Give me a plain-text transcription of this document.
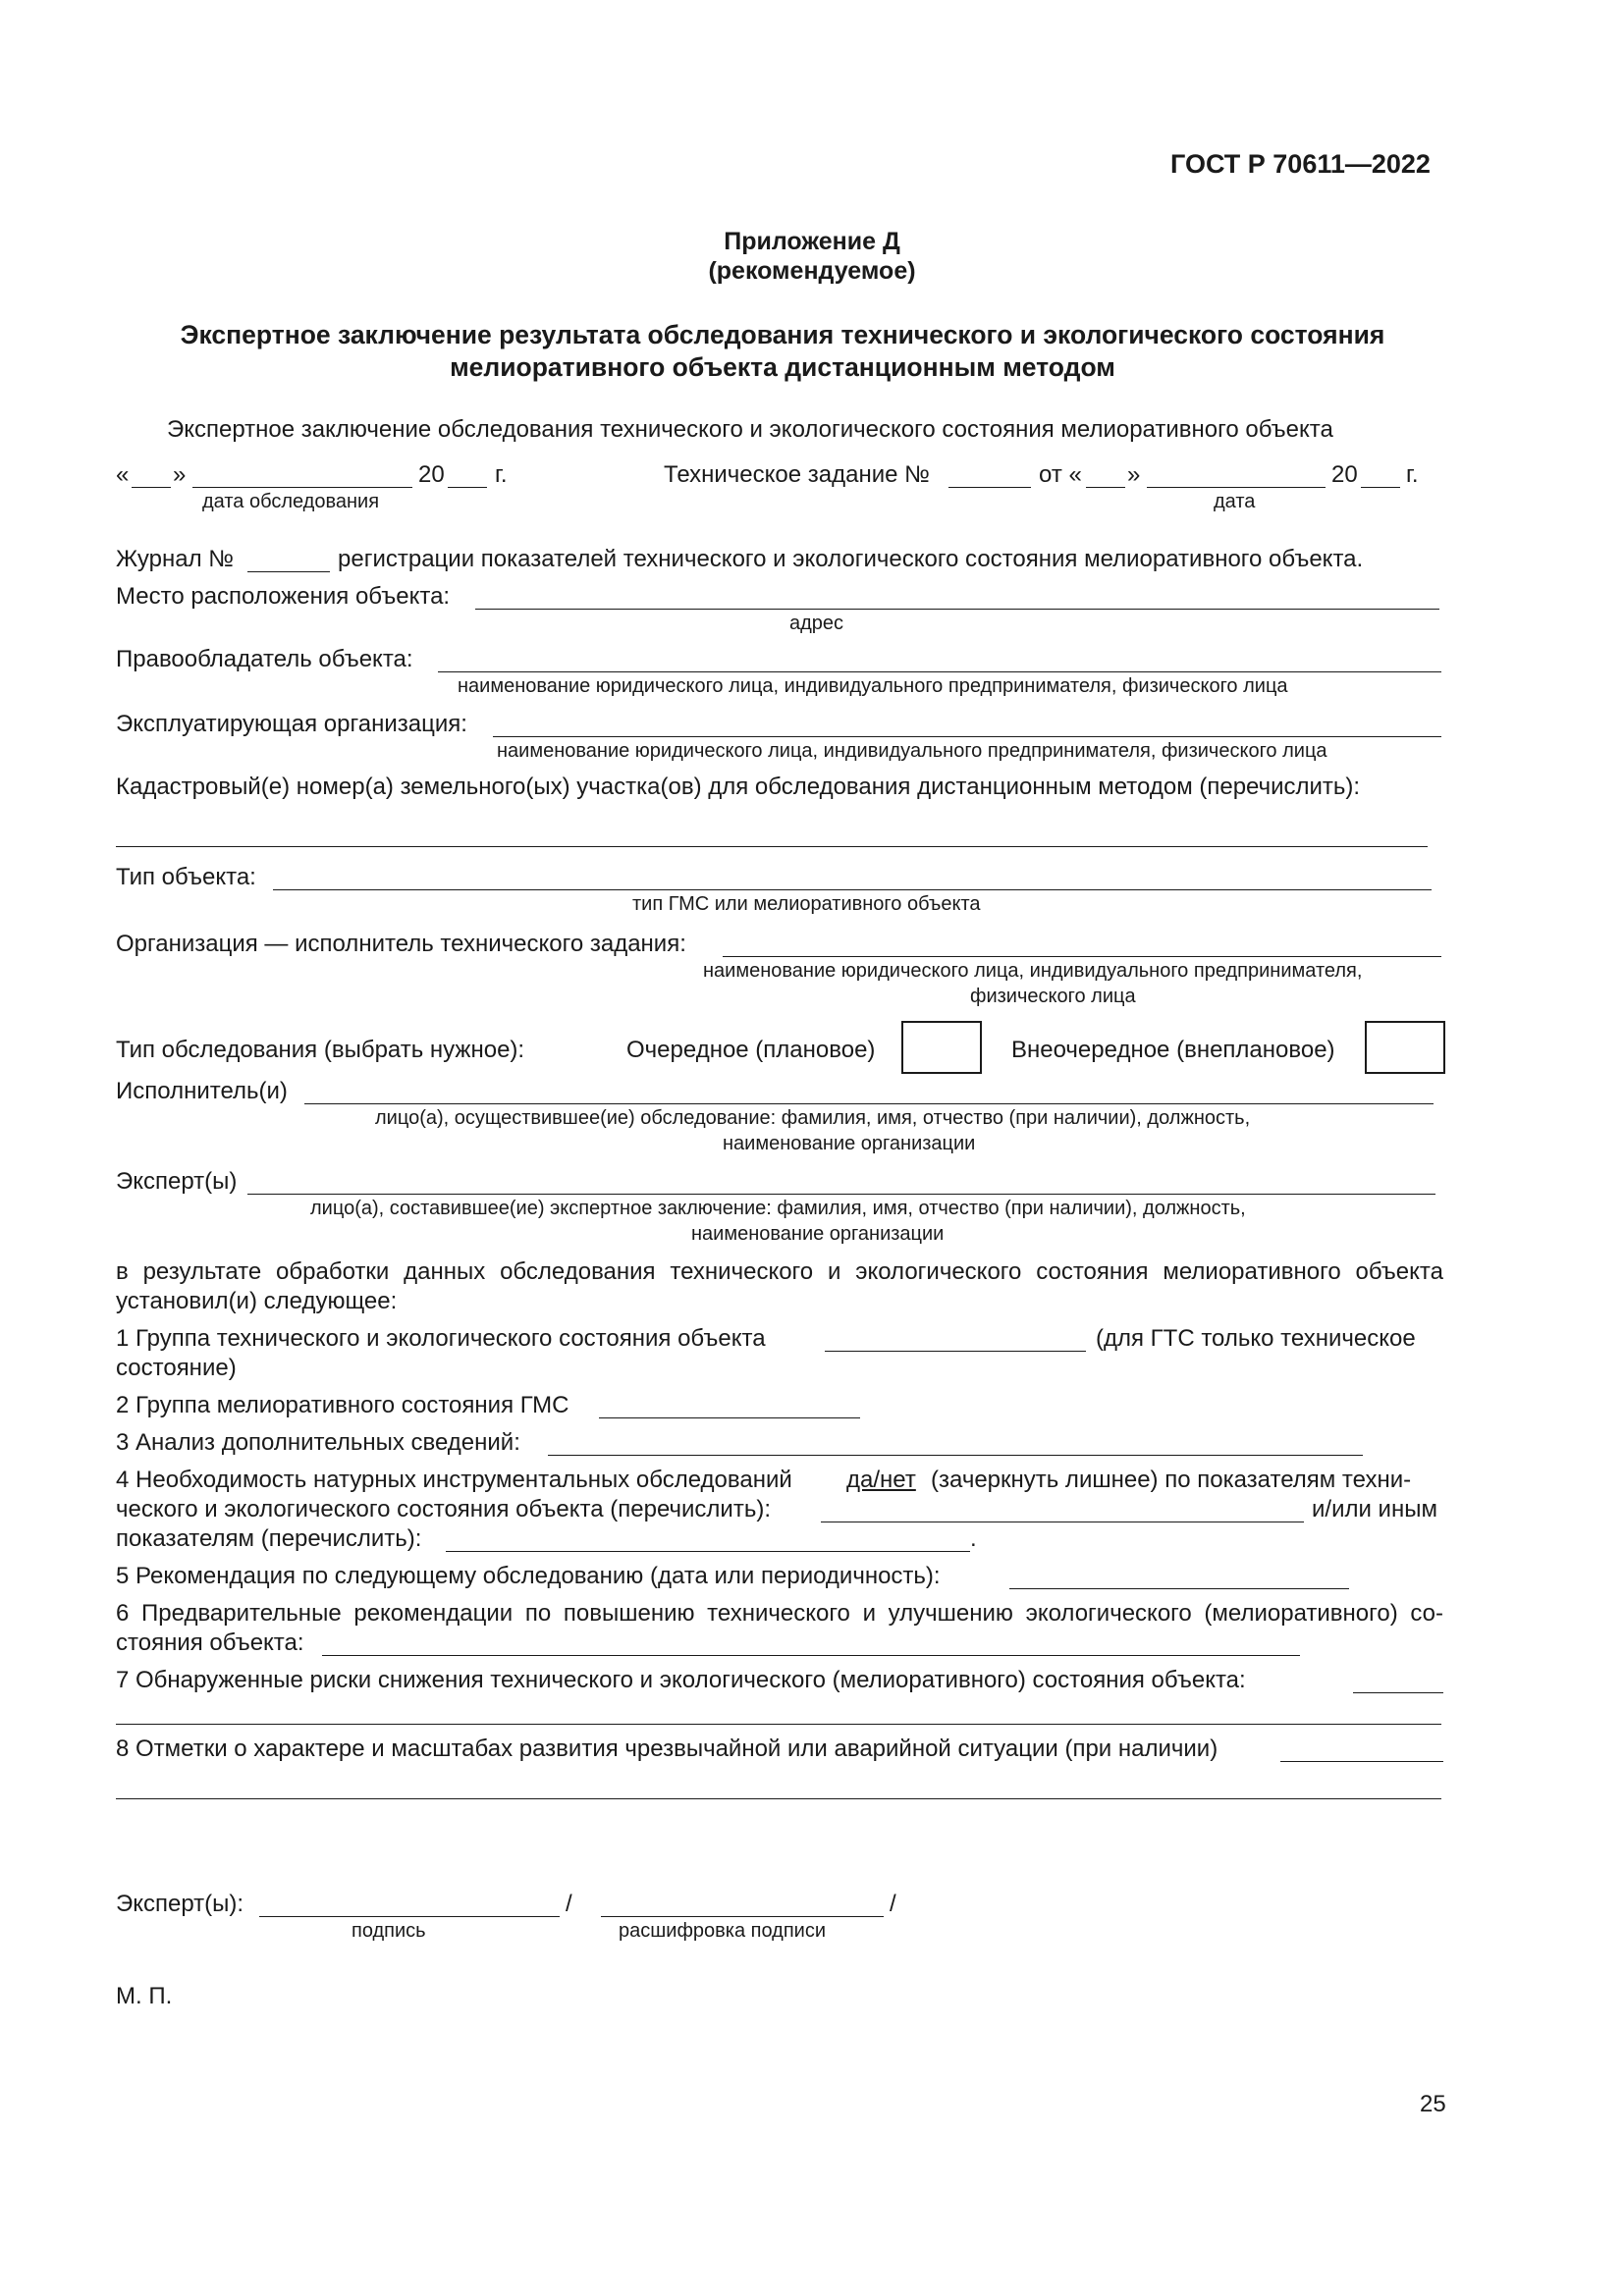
ГОСТ Р 70611—2022
Приложение Д
(рекомендуемое)
Экспертное заключение результата обследования технического и экологического состояния
мелиоративного объекта дистанционным методом
Экспертное заключение обследования технического и экологического состояния мелиоративного объекта
« »	20 г.
дата обследования
Техническое задание №	от « »	20 г.
дата
Журнал №	регистрации показателей технического и экологического состояния мелиоративного объекта.
Место расположения объекта:
адрес
Правообладатель объекта:
наименование юридического лица, индивидуального предпринимателя, физического лица
Эксплуатирующая организация:
наименование юридического лица, индивидуального предпринимателя, физического лица
Кадастровый(е) номер(а) земельного(ых) участка(ов) для обследования дистанционным методом (перечислить):
Тип объекта:
тип ГМС или мелиоративного объекта
Организация — исполнитель технического задания:
наименование юридического лица, индивидуального предпринимателя,
физического лица
Тип обследования (выбрать нужное):	Очередное (плановое)	Внеочередное (внеплановое)
Исполнитель(и)
лицо(а), осуществившее(ие) обследование: фамилия, имя, отчество (при наличии), должность,
наименование организации
Эксперт(ы)
лицо(а), составившее(ие) экспертное заключение: фамилия, имя, отчество (при наличии), должность,
наименование организации
в результате обработки данных обследования технического и экологического состояния мелиоративного объекта
установил(и) следующее:
1 Группа технического и экологического состояния объекта	(для ГТС только техническое
состояние)
2 Группа мелиоративного состояния ГМС
3 Анализ дополнительных сведений:
4 Необходимость натурных инструментальных обследований да/нет (зачеркнуть лишнее) по показателям техни-
ческого и экологического состояния объекта (перечислить):	и/или иным
показателям (перечислить):	.
5 Рекомендация по следующему обследованию (дата или периодичность):
6 Предварительные рекомендации по повышению технического и улучшению экологического (мелиоративного) со-
стояния объекта:
7 Обнаруженные риски снижения технического и экологического (мелиоративного) состояния объекта:
8 Отметки о характере и масштабах развития чрезвычайной или аварийной ситуации (при наличии)
Эксперт(ы):	/	/
подпись	расшифровка подписи
М. П.
25
